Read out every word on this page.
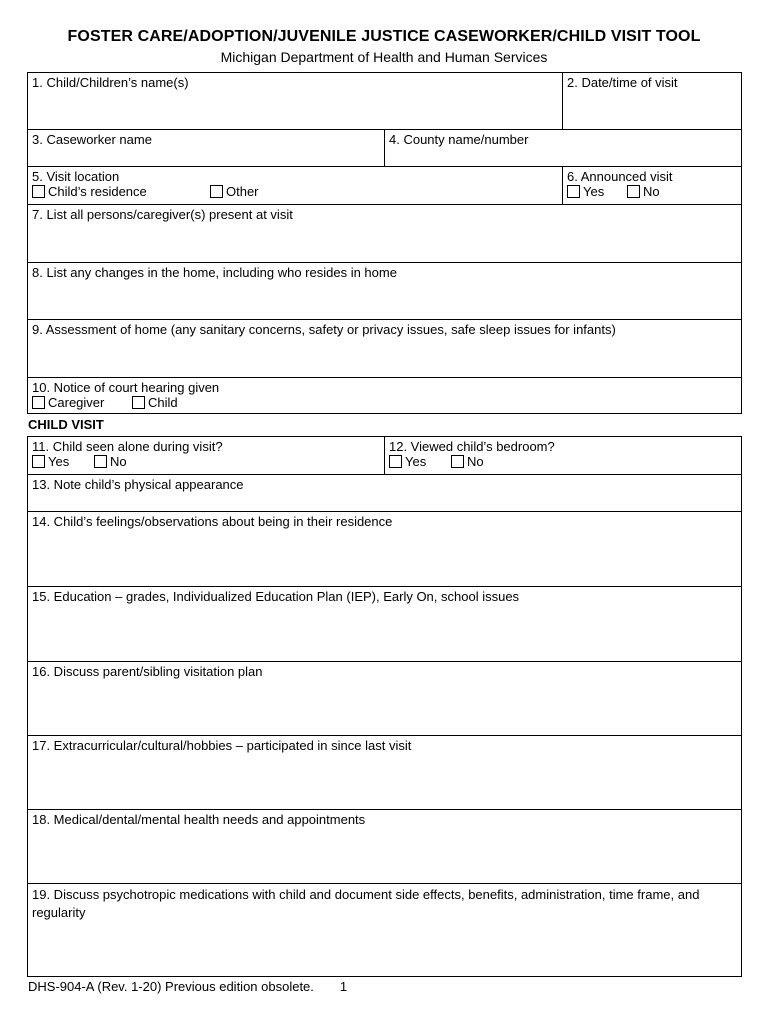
FOSTER CARE/ADOPTION/JUVENILE JUSTICE CASEWORKER/CHILD VISIT TOOL
Michigan Department of Health and Human Services
1. Child/Children’s name(s)	2. Date/time of visit
3. Caseworker name	4. County name/number
5. Visit location
Child’s residence	Other
6. Announced visit
Yes	No
7. List all persons/caregiver(s) present at visit
8. List any changes in the home, including who resides in home
9. Assessment of home (any sanitary concerns, safety or privacy issues, safe sleep issues for infants)
10. Notice of court hearing given
Caregiver	Child
CHILD VISIT
11. Child seen alone during visit?
Yes	No
12. Viewed child’s bedroom?
Yes	No
13. Note child’s physical appearance
14. Child’s feelings/observations about being in their residence
15. Education – grades, Individualized Education Plan (IEP), Early On, school issues
16. Discuss parent/sibling visitation plan
17. Extracurricular/cultural/hobbies – participated in since last visit
18. Medical/dental/mental health needs and appointments
19. Discuss psychotropic medications with child and document side effects, benefits, administration, time frame, and regularity
DHS-904-A (Rev. 1-20) Previous edition obsolete. 1
